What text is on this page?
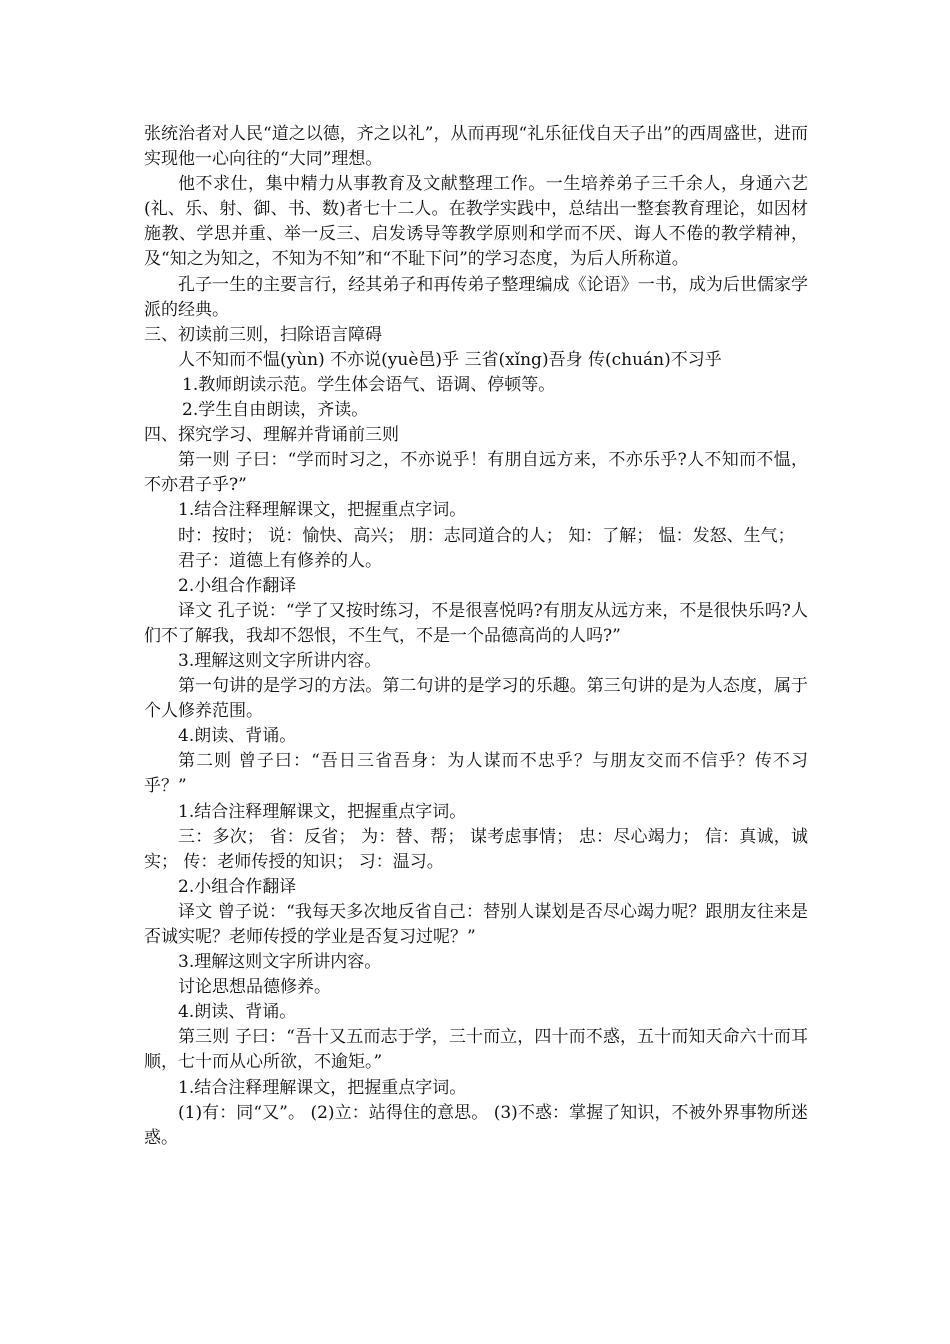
张统治者对人民“道之以德，齐之以礼”，从而再现“礼乐征伐自天子出”的西周盛世，进而实现他一心向往的“大同”理想。

他不求仕，集中精力从事教育及文献整理工作。一生培养弟子三千余人，身通六艺(礼、乐、射、御、书、数)者七十二人。在教学实践中，总结出一整套教育理论，如因材施教、学思并重、举一反三、启发诱导等教学原则和学而不厌、诲人不倦的教学精神，及“知之为知之，不知为不知”和“不耻下问”的学习态度，为后人所称道。

孔子一生的主要言行，经其弟子和再传弟子整理编成《论语》一书，成为后世儒家学派的经典。

三、初读前三则，扫除语言障碍

人不知而不愠(yùn) 不亦说(yuè邑)乎 三省(xǐng)吾身 传(chuán)不习乎

1.教师朗读示范。学生体会语气、语调、停顿等。

2.学生自由朗读，齐读。

四、探究学习、理解并背诵前三则

第一则 子曰：“学而时习之，不亦说乎！有朋自远方来，不亦乐乎?人不知而不愠，不亦君子乎?”

1.结合注释理解课文，把握重点字词。

时：按时； 说：愉快、高兴； 朋：志同道合的人； 知：了解； 愠：发怒、生气；

君子：道德上有修养的人。

2.小组合作翻译

译文 孔子说：“学了又按时练习，不是很喜悦吗?有朋友从远方来，不是很快乐吗?人们不了解我，我却不怨恨，不生气，不是一个品德高尚的人吗?”

3.理解这则文字所讲内容。

第一句讲的是学习的方法。第二句讲的是学习的乐趣。第三句讲的是为人态度，属于个人修养范围。

4.朗读、背诵。

第二则 曾子曰：“吾日三省吾身：为人谋而不忠乎？与朋友交而不信乎？传不习乎？”

1.结合注释理解课文，把握重点字词。

三：多次； 省：反省； 为：替、帮； 谋考虑事情； 忠：尽心竭力； 信：真诚，诚实； 传：老师传授的知识； 习：温习。

2.小组合作翻译

译文 曾子说：“我每天多次地反省自己：替别人谋划是否尽心竭力呢？跟朋友往来是否诚实呢？老师传授的学业是否复习过呢？”

3.理解这则文字所讲内容。

讨论思想品德修养。

4.朗读、背诵。

第三则 子曰：“吾十又五而志于学，三十而立，四十而不惑，五十而知天命六十而耳顺，七十而从心所欲，不逾矩。”

1.结合注释理解课文，把握重点字词。

(1)有：同“又”。 (2)立：站得住的意思。 (3)不惑：掌握了知识，不被外界事物所迷惑。
